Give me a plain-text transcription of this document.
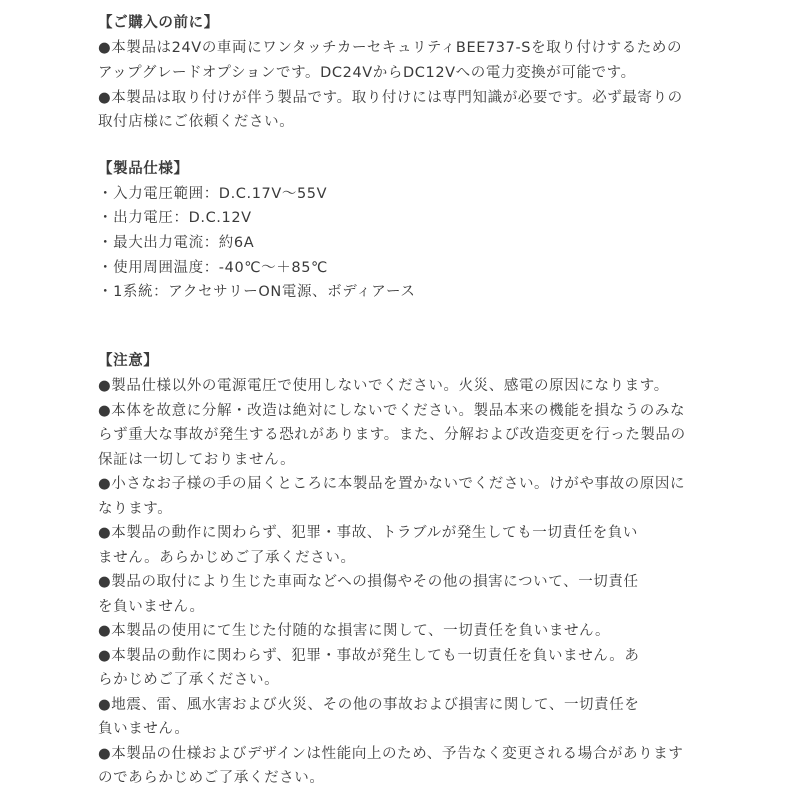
【ご購入の前に】

●本製品は24Vの車両にワンタッチカーセキュリティBEE737-Sを取り付けするための

アップグレードオプションです。DC24VからDC12Vへの電力変換が可能です。

●本製品は取り付けが伴う製品です。取り付けには専門知識が必要です。必ず最寄りの

取付店様にご依頼ください。

【製品仕様】

・入力電圧範囲：D.C.17V～55V

・出力電圧：D.C.12V

・最大出力電流：約6A

・使用周囲温度：-40℃～＋85℃

・1系統：アクセサリーON電源、ボディアース

【注意】

●製品仕様以外の電源電圧で使用しないでください。火災、感電の原因になります。

●本体を故意に分解・改造は絶対にしないでください。製品本来の機能を損なうのみな

らず重大な事故が発生する恐れがあります。また、分解および改造変更を行った製品の

保証は一切しておりません。

●小さなお子様の手の届くところに本製品を置かないでください。けがや事故の原因に

なります。

●本製品の動作に関わらず、犯罪・事故、トラブルが発生しても一切責任を負い

ません。あらかじめご了承ください。

●製品の取付により生じた車両などへの損傷やその他の損害について、一切責任

を負いません。

●本製品の使用にて生じた付随的な損害に関して、一切責任を負いません。

●本製品の動作に関わらず、犯罪・事故が発生しても一切責任を負いません。あ

らかじめご了承ください。

●地震、雷、風水害および火災、その他の事故および損害に関して、一切責任を

負いません。

●本製品の仕様およびデザインは性能向上のため、予告なく変更される場合があります

のであらかじめご了承ください。
